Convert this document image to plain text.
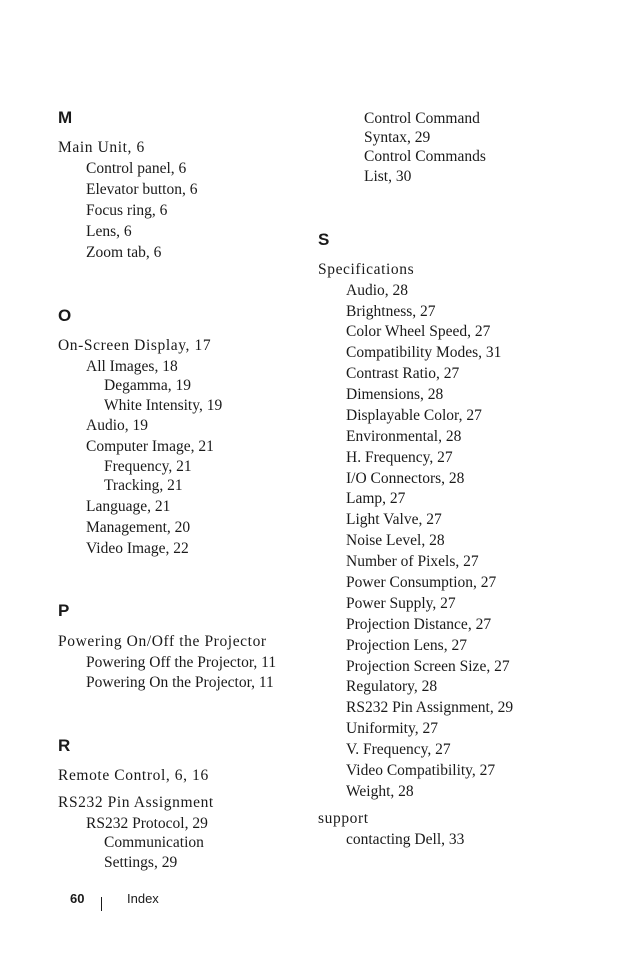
M
Main Unit, 6
Control panel, 6
Elevator button, 6
Focus ring, 6
Lens, 6
Zoom tab, 6
O
On-Screen Display, 17
All Images, 18
Degamma, 19
White Intensity, 19
Audio, 19
Computer Image, 21
Frequency, 21
Tracking, 21
Language, 21
Management, 20
Video Image, 22
P
Powering On/Off the Projector
Powering Off the Projector, 11
Powering On the Projector, 11
R
Remote Control, 6, 16
RS232 Pin Assignment
RS232 Protocol, 29
Communication
Settings, 29
Control Command
Syntax, 29
Control Commands
List, 30
S
Specifications
Audio, 28
Brightness, 27
Color Wheel Speed, 27
Compatibility Modes, 31
Contrast Ratio, 27
Dimensions, 28
Displayable Color, 27
Environmental, 28
H. Frequency, 27
I/O Connectors, 28
Lamp, 27
Light Valve, 27
Noise Level, 28
Number of Pixels, 27
Power Consumption, 27
Power Supply, 27
Projection Distance, 27
Projection Lens, 27
Projection Screen Size, 27
Regulatory, 28
RS232 Pin Assignment, 29
Uniformity, 27
V. Frequency, 27
Video Compatibility, 27
Weight, 28
support
contacting Dell, 33
60	Index
